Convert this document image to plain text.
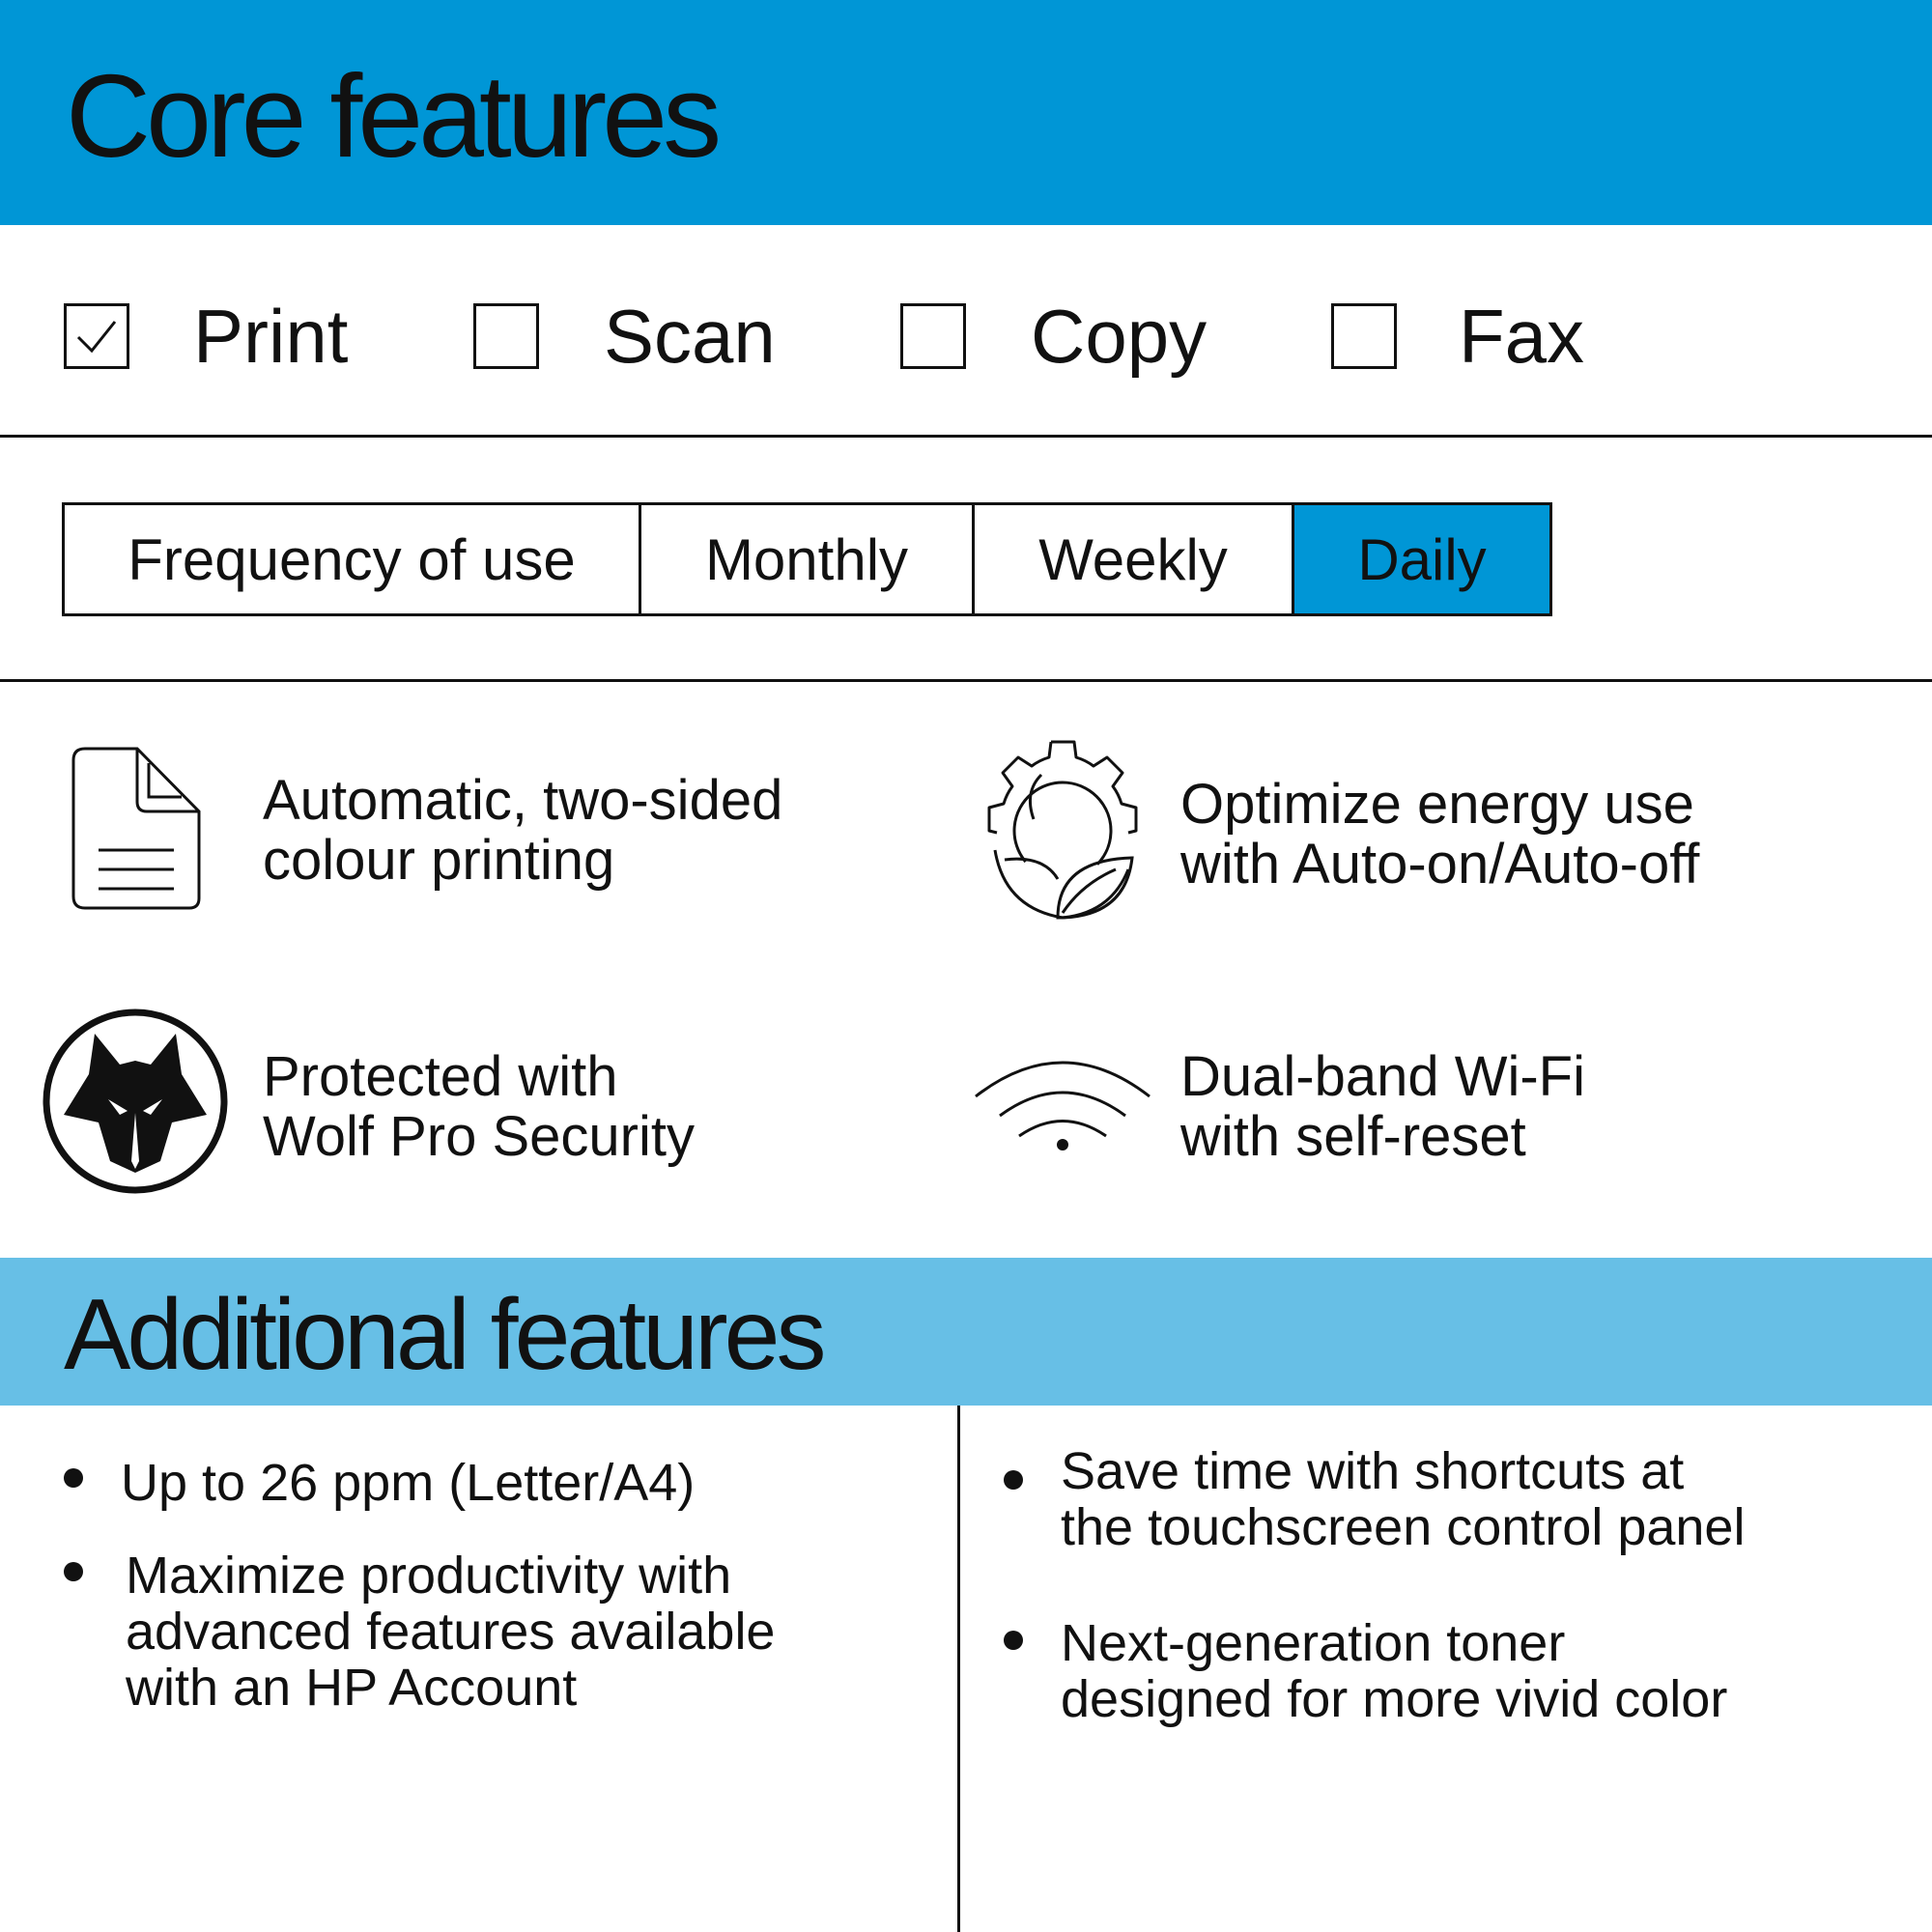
Core features
Print	Scan	Copy	Fax
Frequency of use	Monthly	Weekly	Daily
Automatic, two-sided
colour printing
Optimize energy use
with Auto-on/Auto-off
Protected with
Wolf Pro Security
Dual-band Wi-Fi
with self-reset
Additional features
Up to 26 ppm (Letter/A4)
Maximize productivity with
advanced features available
with an HP Account
Save time with shortcuts at
the touchscreen control panel
Next-generation toner
designed for more vivid color
